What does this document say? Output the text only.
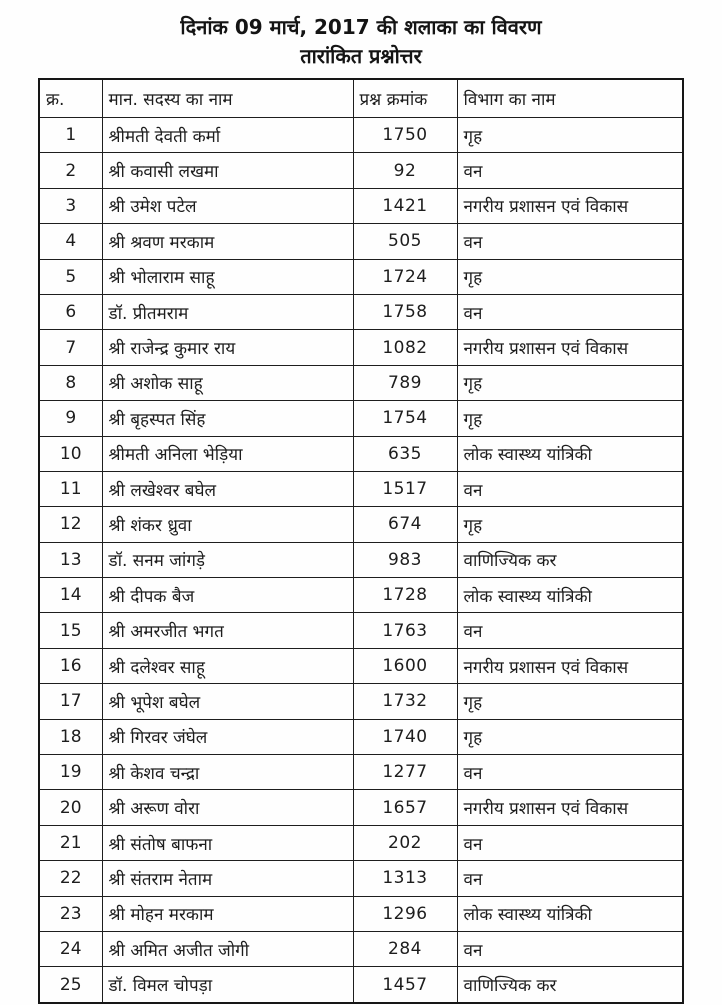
दिनांक 09 मार्च, 2017 की शलाका का विवरण
तारांकित प्रश्नोत्तर
क्र.	मान. सदस्य का नाम	प्रश्न क्रमांक	विभाग का नाम
1	श्रीमती देवती कर्मा	1750	गृह
2	श्री कवासी लखमा	92	वन
3	श्री उमेश पटेल	1421	नगरीय प्रशासन एवं विकास
4	श्री श्रवण मरकाम	505	वन
5	श्री भोलाराम साहू	1724	गृह
6	डॉ. प्रीतमराम	1758	वन
7	श्री राजेन्द्र कुमार राय	1082	नगरीय प्रशासन एवं विकास
8	श्री अशोक साहू	789	गृह
9	श्री बृहस्पत सिंह	1754	गृह
10	श्रीमती अनिला भेड़िया	635	लोक स्वास्थ्य यांत्रिकी
11	श्री लखेश्वर बघेल	1517	वन
12	श्री शंकर ध्रुवा	674	गृह
13	डॉ. सनम जांगड़े	983	वाणिज्यिक कर
14	श्री दीपक बैज	1728	लोक स्वास्थ्य यांत्रिकी
15	श्री अमरजीत भगत	1763	वन
16	श्री दलेश्वर साहू	1600	नगरीय प्रशासन एवं विकास
17	श्री भूपेश बघेल	1732	गृह
18	श्री गिरवर जंघेल	1740	गृह
19	श्री केशव चन्द्रा	1277	वन
20	श्री अरूण वोरा	1657	नगरीय प्रशासन एवं विकास
21	श्री संतोष बाफना	202	वन
22	श्री संतराम नेताम	1313	वन
23	श्री मोहन मरकाम	1296	लोक स्वास्थ्य यांत्रिकी
24	श्री अमित अजीत जोगी	284	वन
25	डॉ. विमल चोपड़ा	1457	वाणिज्यिक कर
